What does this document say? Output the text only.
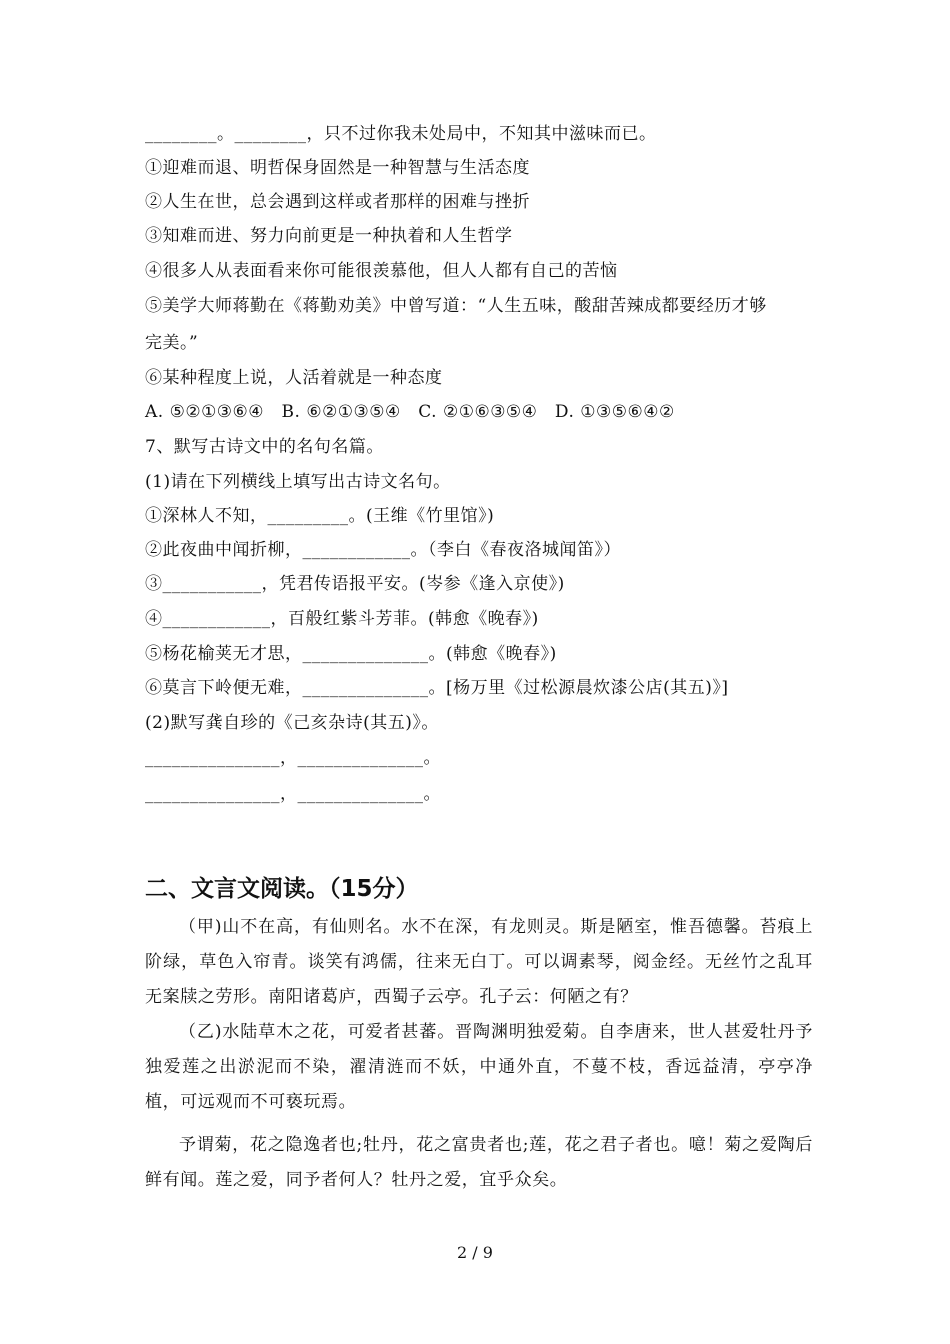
________。________，只不过你我未处局中，不知其中滋味而已。
①迎难而退、明哲保身固然是一种智慧与生活态度
②人生在世，总会遇到这样或者那样的困难与挫折
③知难而进、努力向前更是一种执着和人生哲学
④很多人从表面看来你可能很羡慕他，但人人都有自己的苦恼
⑤美学大师蒋勤在《蒋勤劝美》中曾写道：“人生五味，酸甜苦辣成都要经历才够
完美。”
⑥某种程度上说，人活着就是一种态度
A. ⑤②①③⑥④　B. ⑥②①③⑤④　C. ②①⑥③⑤④　D. ①③⑤⑥④②
7、默写古诗文中的名句名篇。
(1)请在下列横线上填写出古诗文名句。
①深林人不知，_________。(王维《竹里馆》)
②此夜曲中闻折柳，____________。（李白《春夜洛城闻笛》）
③___________，凭君传语报平安。(岑参《逢入京使》)
④____________，百般红紫斗芳菲。(韩愈《晚春》)
⑤杨花榆荚无才思，______________。(韩愈《晚春》)
⑥莫言下岭便无难，______________。[杨万里《过松源晨炊漆公店(其五)》]
(2)默写龚自珍的《己亥杂诗(其五)》。
_______________，______________。
_______________，______________。
二、文言文阅读。（15分）
（甲)山不在高，有仙则名。水不在深，有龙则灵。斯是陋室，惟吾德馨。苔痕上阶绿，草色入帘青。谈笑有鸿儒，往来无白丁。可以调素琴，阅金经。无丝竹之乱耳无案牍之劳形。南阳诸葛庐，西蜀子云亭。孔子云：何陋之有？
（乙)水陆草木之花，可爱者甚蕃。晋陶渊明独爱菊。自李唐来，世人甚爱牡丹予独爱莲之出淤泥而不染，濯清涟而不妖，中通外直，不蔓不枝，香远益清，亭亭净植，可远观而不可亵玩焉。
予谓菊，花之隐逸者也;牡丹，花之富贵者也;莲，花之君子者也。噫！菊之爱陶后鲜有闻。莲之爱，同予者何人？牡丹之爱，宜乎众矣。
2 / 9
